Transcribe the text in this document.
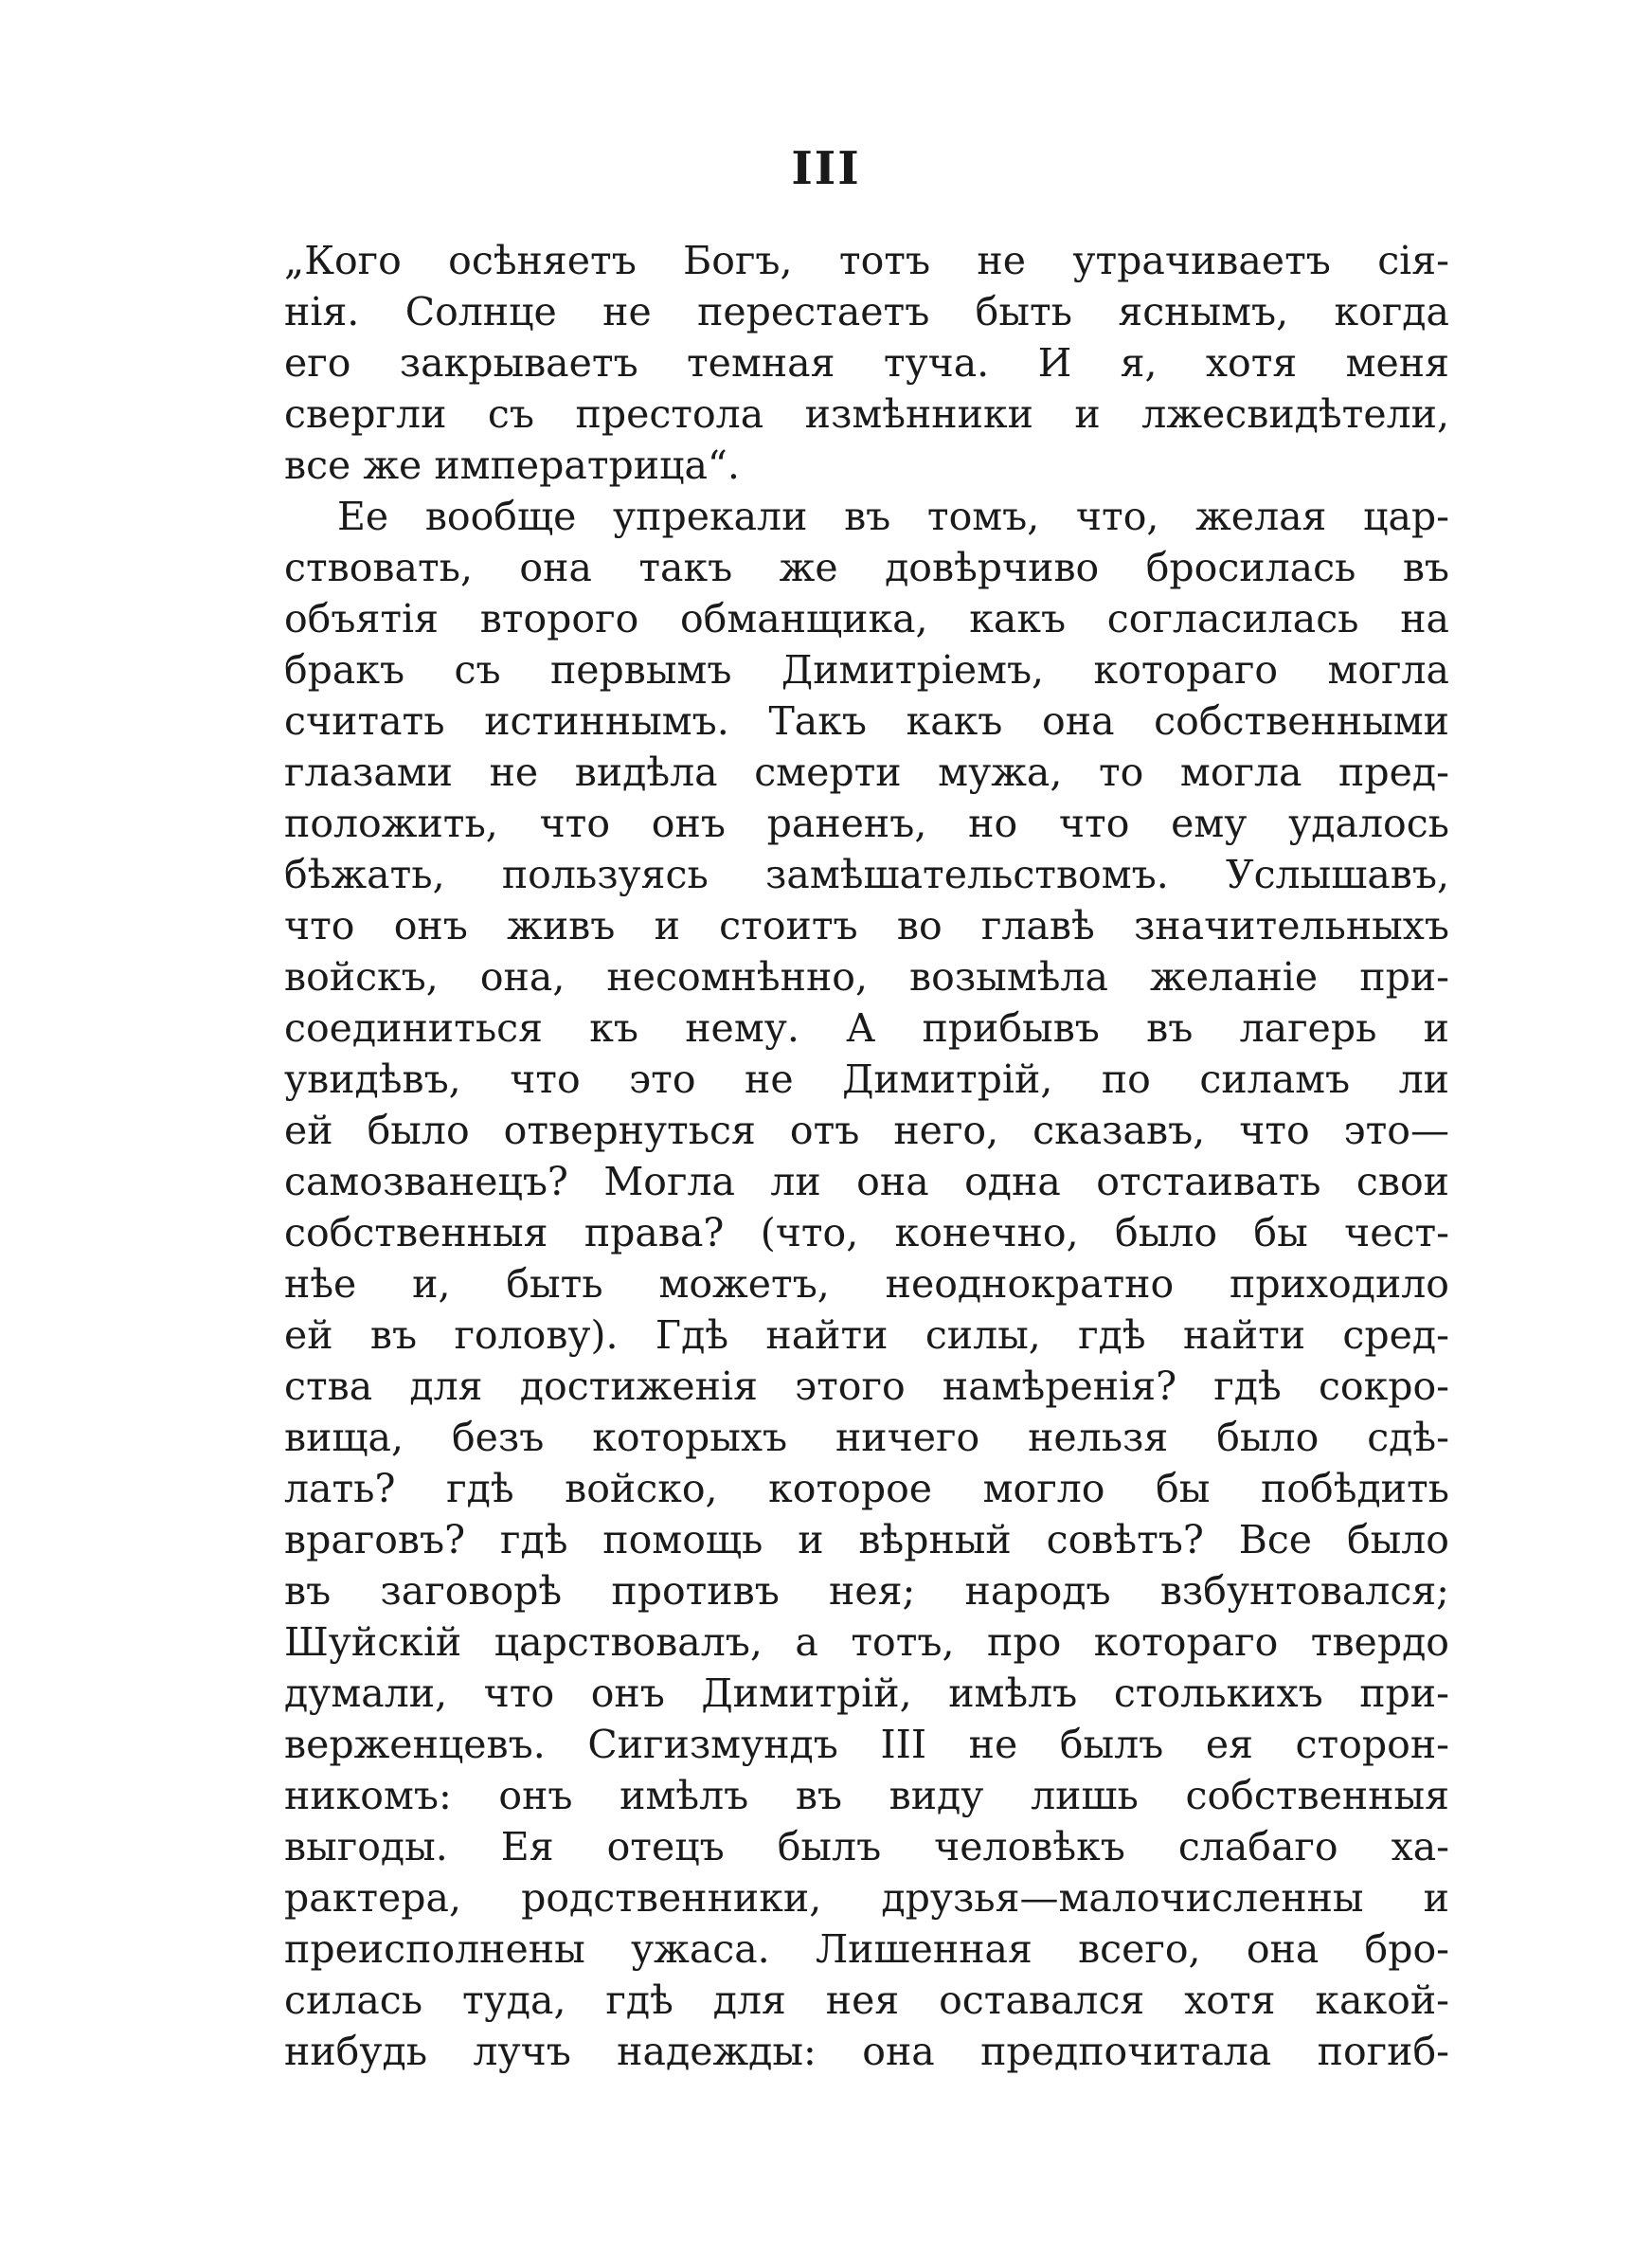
III
„Кого осѣняетъ Богъ, тотъ не утрачиваетъ сія-
нія. Солнце не перестаетъ быть яснымъ, когда
его закрываетъ темная туча. И я, хотя меня
свергли съ престола измѣнники и лжесвидѣтели,
все же императрица“.
Ее вообще упрекали въ томъ, что, желая цар-
ствовать, она такъ же довѣрчиво бросилась въ
объятія второго обманщика, какъ согласилась на
бракъ съ первымъ Димитріемъ, котораго могла
считать истиннымъ. Такъ какъ она собственными
глазами не видѣла смерти мужа, то могла пред-
положить, что онъ раненъ, но что ему удалось
бѣжать, пользуясь замѣшательствомъ. Услышавъ,
что онъ живъ и стоитъ во главѣ значительныхъ
войскъ, она, несомнѣнно, возымѣла желаніе при-
соединиться къ нему. А прибывъ въ лагерь и
увидѣвъ, что это не Димитрій, по силамъ ли
ей было отвернуться отъ него, сказавъ, что это—
самозванецъ? Могла ли она одна отстаивать свои
собственныя права? (что, конечно, было бы чест-
нѣе и, быть можетъ, неоднократно приходило
ей въ голову). Гдѣ найти силы, гдѣ найти сред-
ства для достиженія этого намѣренія? гдѣ сокро-
вища, безъ которыхъ ничего нельзя было сдѣ-
лать? гдѣ войско, которое могло бы побѣдить
враговъ? гдѣ помощь и вѣрный совѣтъ? Все было
въ заговорѣ противъ нея; народъ взбунтовался;
Шуйскій царствовалъ, а тотъ, про котораго твердо
думали, что онъ Димитрій, имѣлъ столькихъ при-
верженцевъ. Сигизмундъ III не былъ ея сторон-
никомъ: онъ имѣлъ въ виду лишь собственныя
выгоды. Ея отецъ былъ человѣкъ слабаго ха-
рактера, родственники, друзья—малочисленны и
преисполнены ужаса. Лишенная всего, она бро-
силась туда, гдѣ для нея оставался хотя какой-
нибудь лучъ надежды: она предпочитала погиб-
